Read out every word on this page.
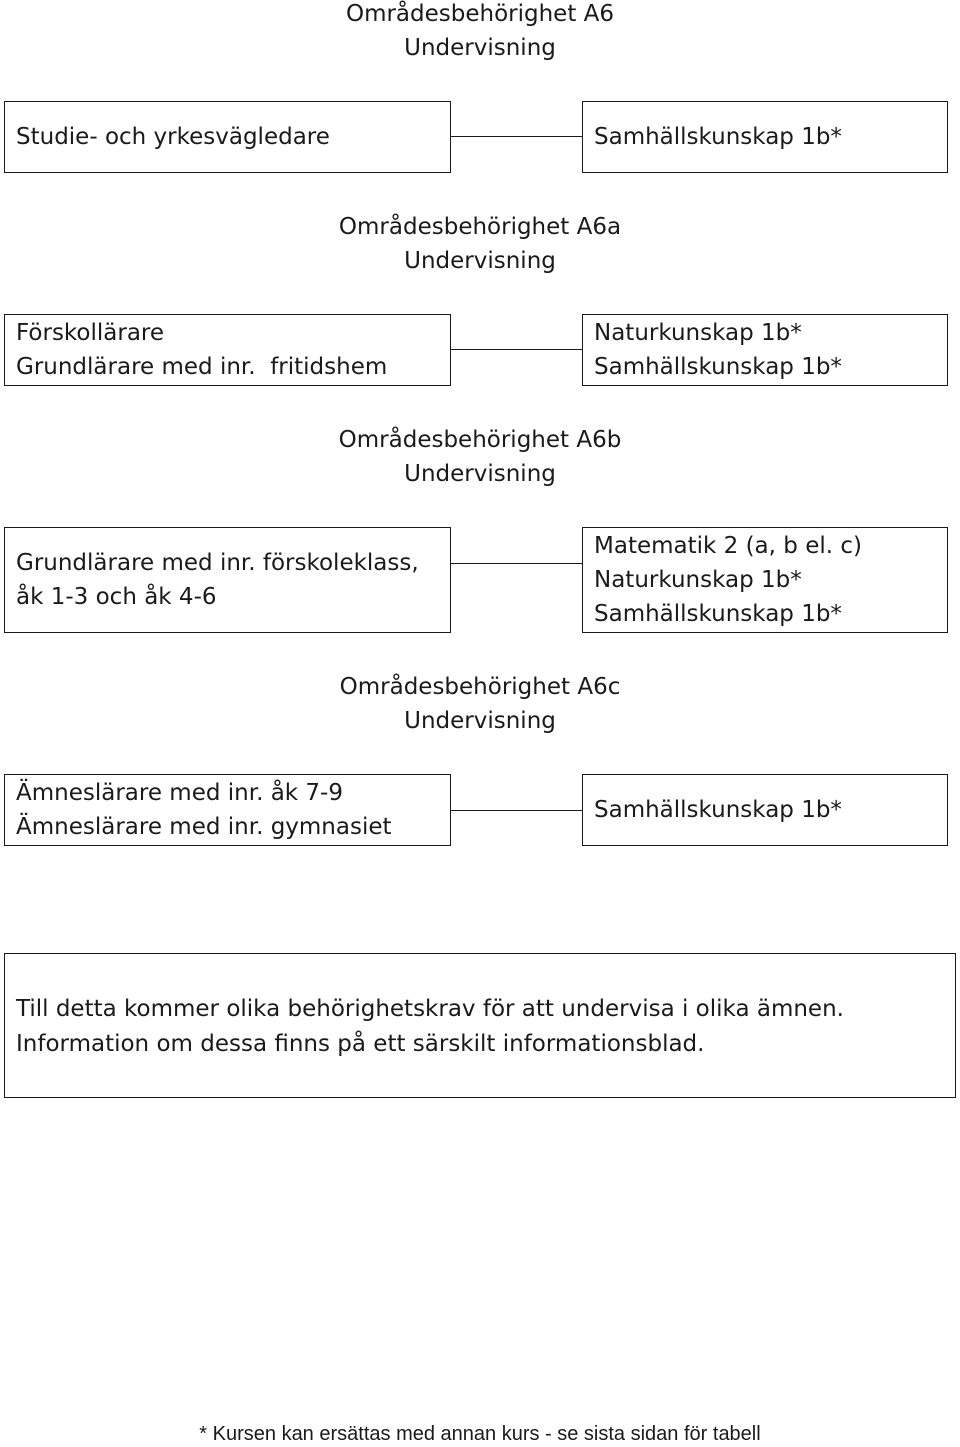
Områdesbehörighet A6
Undervisning
Studie- och yrkesvägledare	Samhällskunskap 1b*
Områdesbehörighet A6a
Undervisning
Förskollärare
Grundlärare med inr.  fritidshem
Naturkunskap 1b*
Samhällskunskap 1b*
Områdesbehörighet A6b
Undervisning
Grundlärare med inr. förskoleklass,
åk 1-3 och åk 4-6
Matematik 2 (a, b el. c)
Naturkunskap 1b*
Samhällskunskap 1b*
Områdesbehörighet A6c
Undervisning
Ämneslärare med inr. åk 7-9
Ämneslärare med inr. gymnasiet
Samhällskunskap 1b*
Till detta kommer olika behörighetskrav för att undervisa i olika ämnen.
Information om dessa finns på ett särskilt informationsblad.
* Kursen kan ersättas med annan kurs - se sista sidan för tabell
